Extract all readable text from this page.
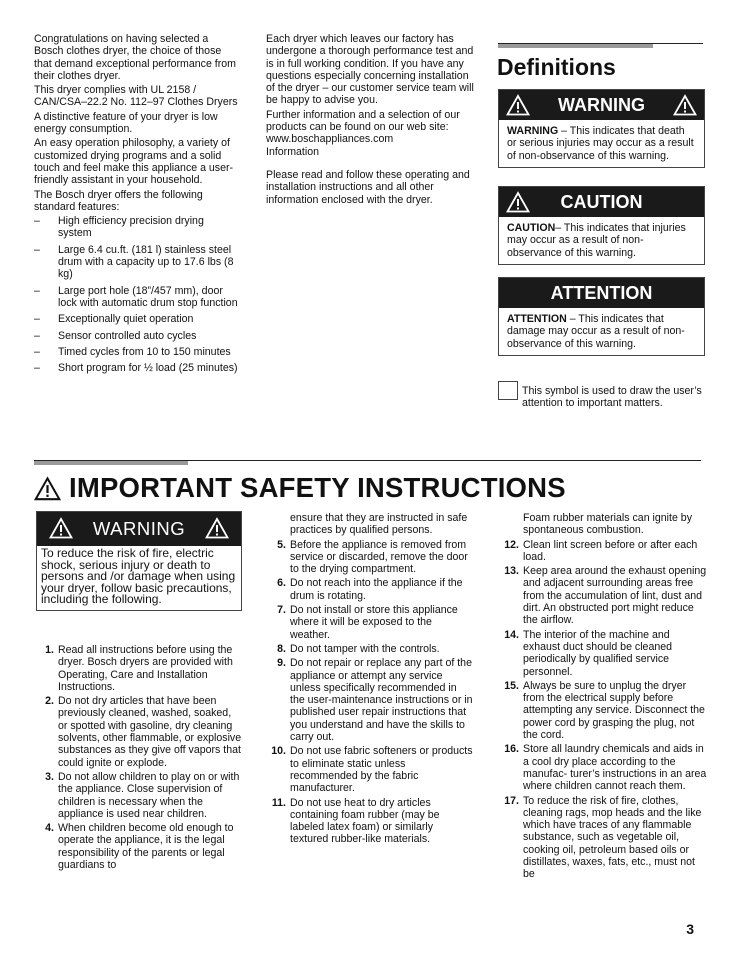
Congratulations on having selected a Bosch clothes dryer, the choice of those that demand exceptional performance from their clothes dryer.

This dryer complies with UL 2158 / CAN/CSA–22.2 No. 112–97 Clothes Dryers

A distinctive feature of your dryer is low energy consumption.

An easy operation philosophy, a variety of customized drying programs and a solid touch and feel make this appliance a user-friendly assistant in your household.

The Bosch dryer offers the following standard features:

– High efficiency precision drying system
– Large 6.4 cu.ft. (181 l) stainless steel drum with a capacity up to 17.6 lbs (8 kg)
– Large port hole (18”/457 mm), door lock with automatic drum stop function
– Exceptionally quiet operation
– Sensor controlled auto cycles
– Timed cycles from 10 to 150 minutes
– Short program for ½ load (25 minutes)

Each dryer which leaves our factory has undergone a thorough performance test and is in full working condition. If you have any questions especially concerning installation of the dryer – our customer service team will be happy to advise you.

Further information and a selection of our products can be found on our web site:

www.boschappliances.com

Information

Please read and follow these operating and installation instructions and all other information enclosed with the dryer.

Definitions
WARNING
WARNING – This indicates that death or serious injuries may occur as a result of non-observance of this warning.
CAUTION
CAUTION– This indicates that injuries may occur as a result of non-observance of this warning.
ATTENTION
ATTENTION – This indicates that damage may occur as a result of non-observance of this warning.

This symbol is used to draw the user’s attention to important matters.

IMPORTANT SAFETY INSTRUCTIONS
WARNING
To reduce the risk of fire, electric shock, serious injury or death to persons and /or damage when using your dryer, follow basic precautions, including the following.
1. Read all instructions before using the dryer. Bosch dryers are provided with Operating, Care and Installation Instructions.
2. Do not dry articles that have been previously cleaned, washed, soaked, or spotted with gasoline, dry cleaning solvents, other flammable, or explosive substances as they give off vapors that could ignite or explode.
3. Do not allow children to play on or with the appliance. Close supervision of children is necessary when the appliance is used near children.
4. When children become old enough to operate the appliance, it is the legal responsibility of the parents or legal guardians to
ensure that they are instructed in safe practices by qualified persons.
5. Before the appliance is removed from service or discarded, remove the door to the drying compartment.
6. Do not reach into the appliance if the drum is rotating.
7. Do not install or store this appliance where it will be exposed to the weather.
8. Do not tamper with the controls.
9. Do not repair or replace any part of the appliance or attempt any service unless specifically recommended in the user-maintenance instructions or in published user repair instructions that you understand and have the skills to carry out.
10. Do not use fabric softeners or products to eliminate static unless recommended by the fabric manufacturer.
11. Do not use heat to dry articles containing foam rubber (may be labeled latex foam) or similarly textured rubber-like materials.
Foam rubber materials can ignite by spontaneous combustion.
12. Clean lint screen before or after each load.
13. Keep area around the exhaust opening and adjacent surrounding areas free from the accumulation of lint, dust and dirt. An obstructed port might reduce the airflow.
14. The interior of the machine and exhaust duct should be cleaned periodically by qualified service personnel.
15. Always be sure to unplug the dryer from the electrical supply before attempting any service. Disconnect the power cord by grasping the plug, not the cord.
16. Store all laundry chemicals and aids in a cool dry place according to the manufac- turer’s instructions in an area where children cannot reach them.
17. To reduce the risk of fire, clothes, cleaning rags, mop heads and the like which have traces of any flammable substance, such as vegetable oil, cooking oil, petroleum based oils or distillates, waxes, fats, etc., must not be
3
